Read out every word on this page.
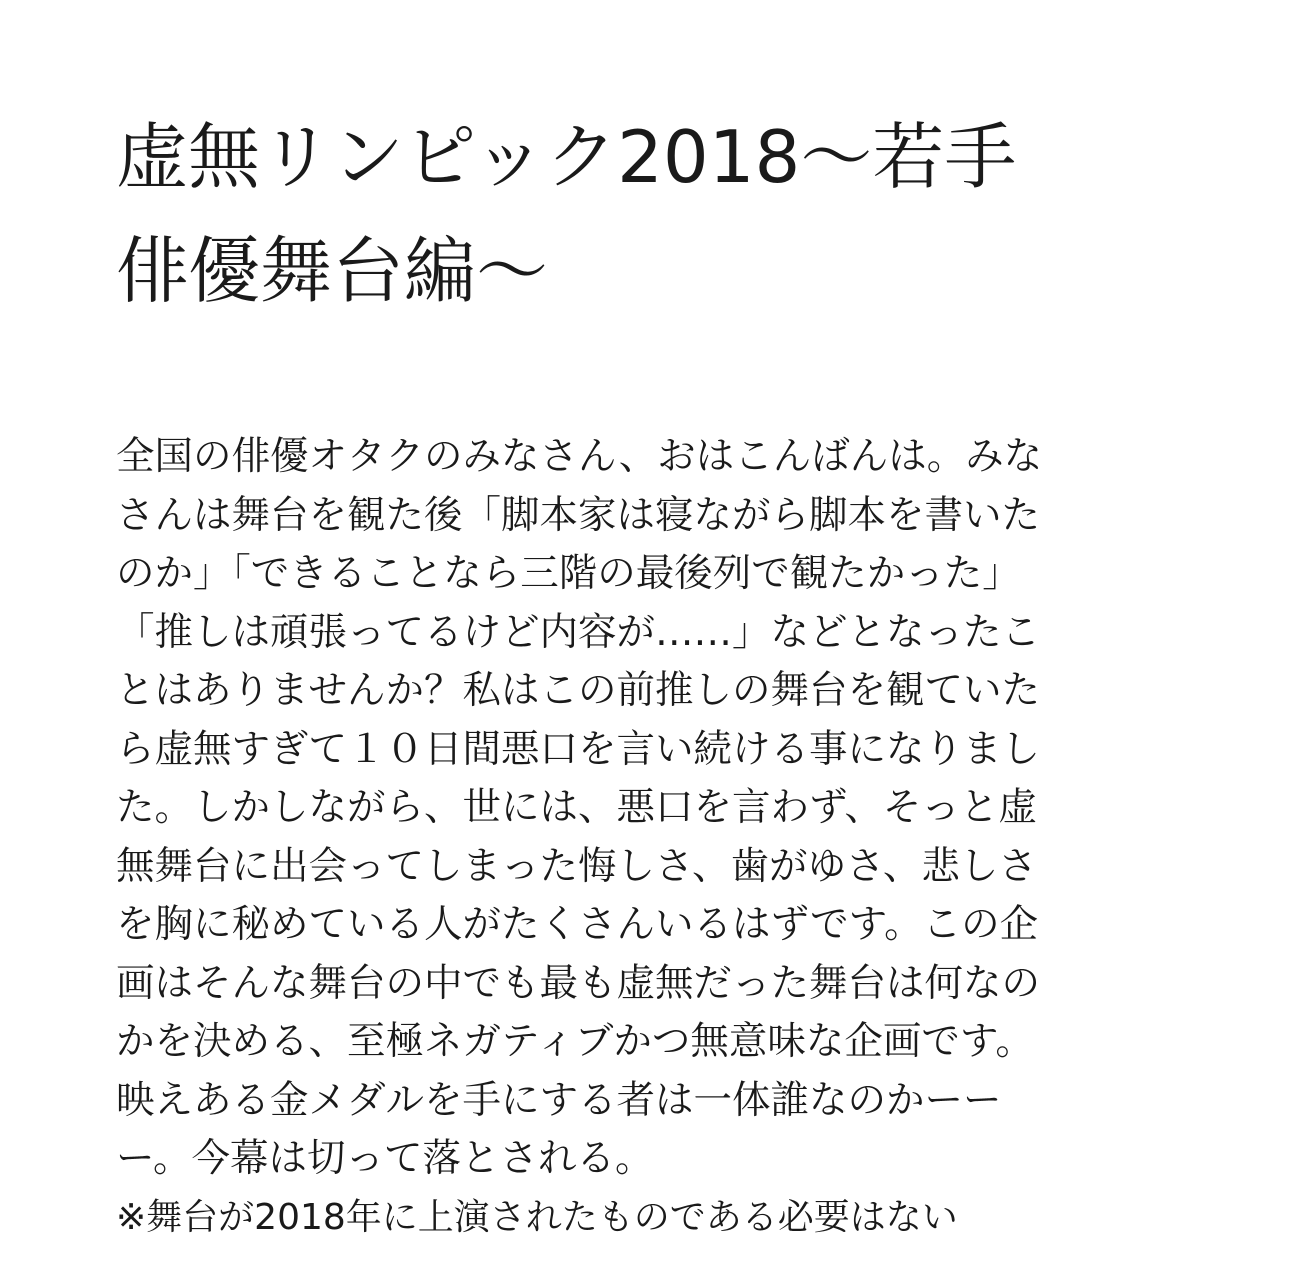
虚無リンピック2018～若手
俳優舞台編～
全国の俳優オタクのみなさん、おはこんばんは。みな
さんは舞台を観た後「脚本家は寝ながら脚本を書いた
のか」「できることなら三階の最後列で観たかった」
「推しは頑張ってるけど内容が……」などとなったこ
とはありませんか？私はこの前推しの舞台を観ていた
ら虚無すぎて１０日間悪口を言い続ける事になりまし
た。しかしながら、世には、悪口を言わず、そっと虚
無舞台に出会ってしまった悔しさ、歯がゆさ、悲しさ
を胸に秘めている人がたくさんいるはずです。この企
画はそんな舞台の中でも最も虚無だった舞台は何なの
かを決める、至極ネガティブかつ無意味な企画です。
映えある金メダルを手にする者は一体誰なのかーー
ー。今幕は切って落とされる。
※舞台が2018年に上演されたものである必要はない
